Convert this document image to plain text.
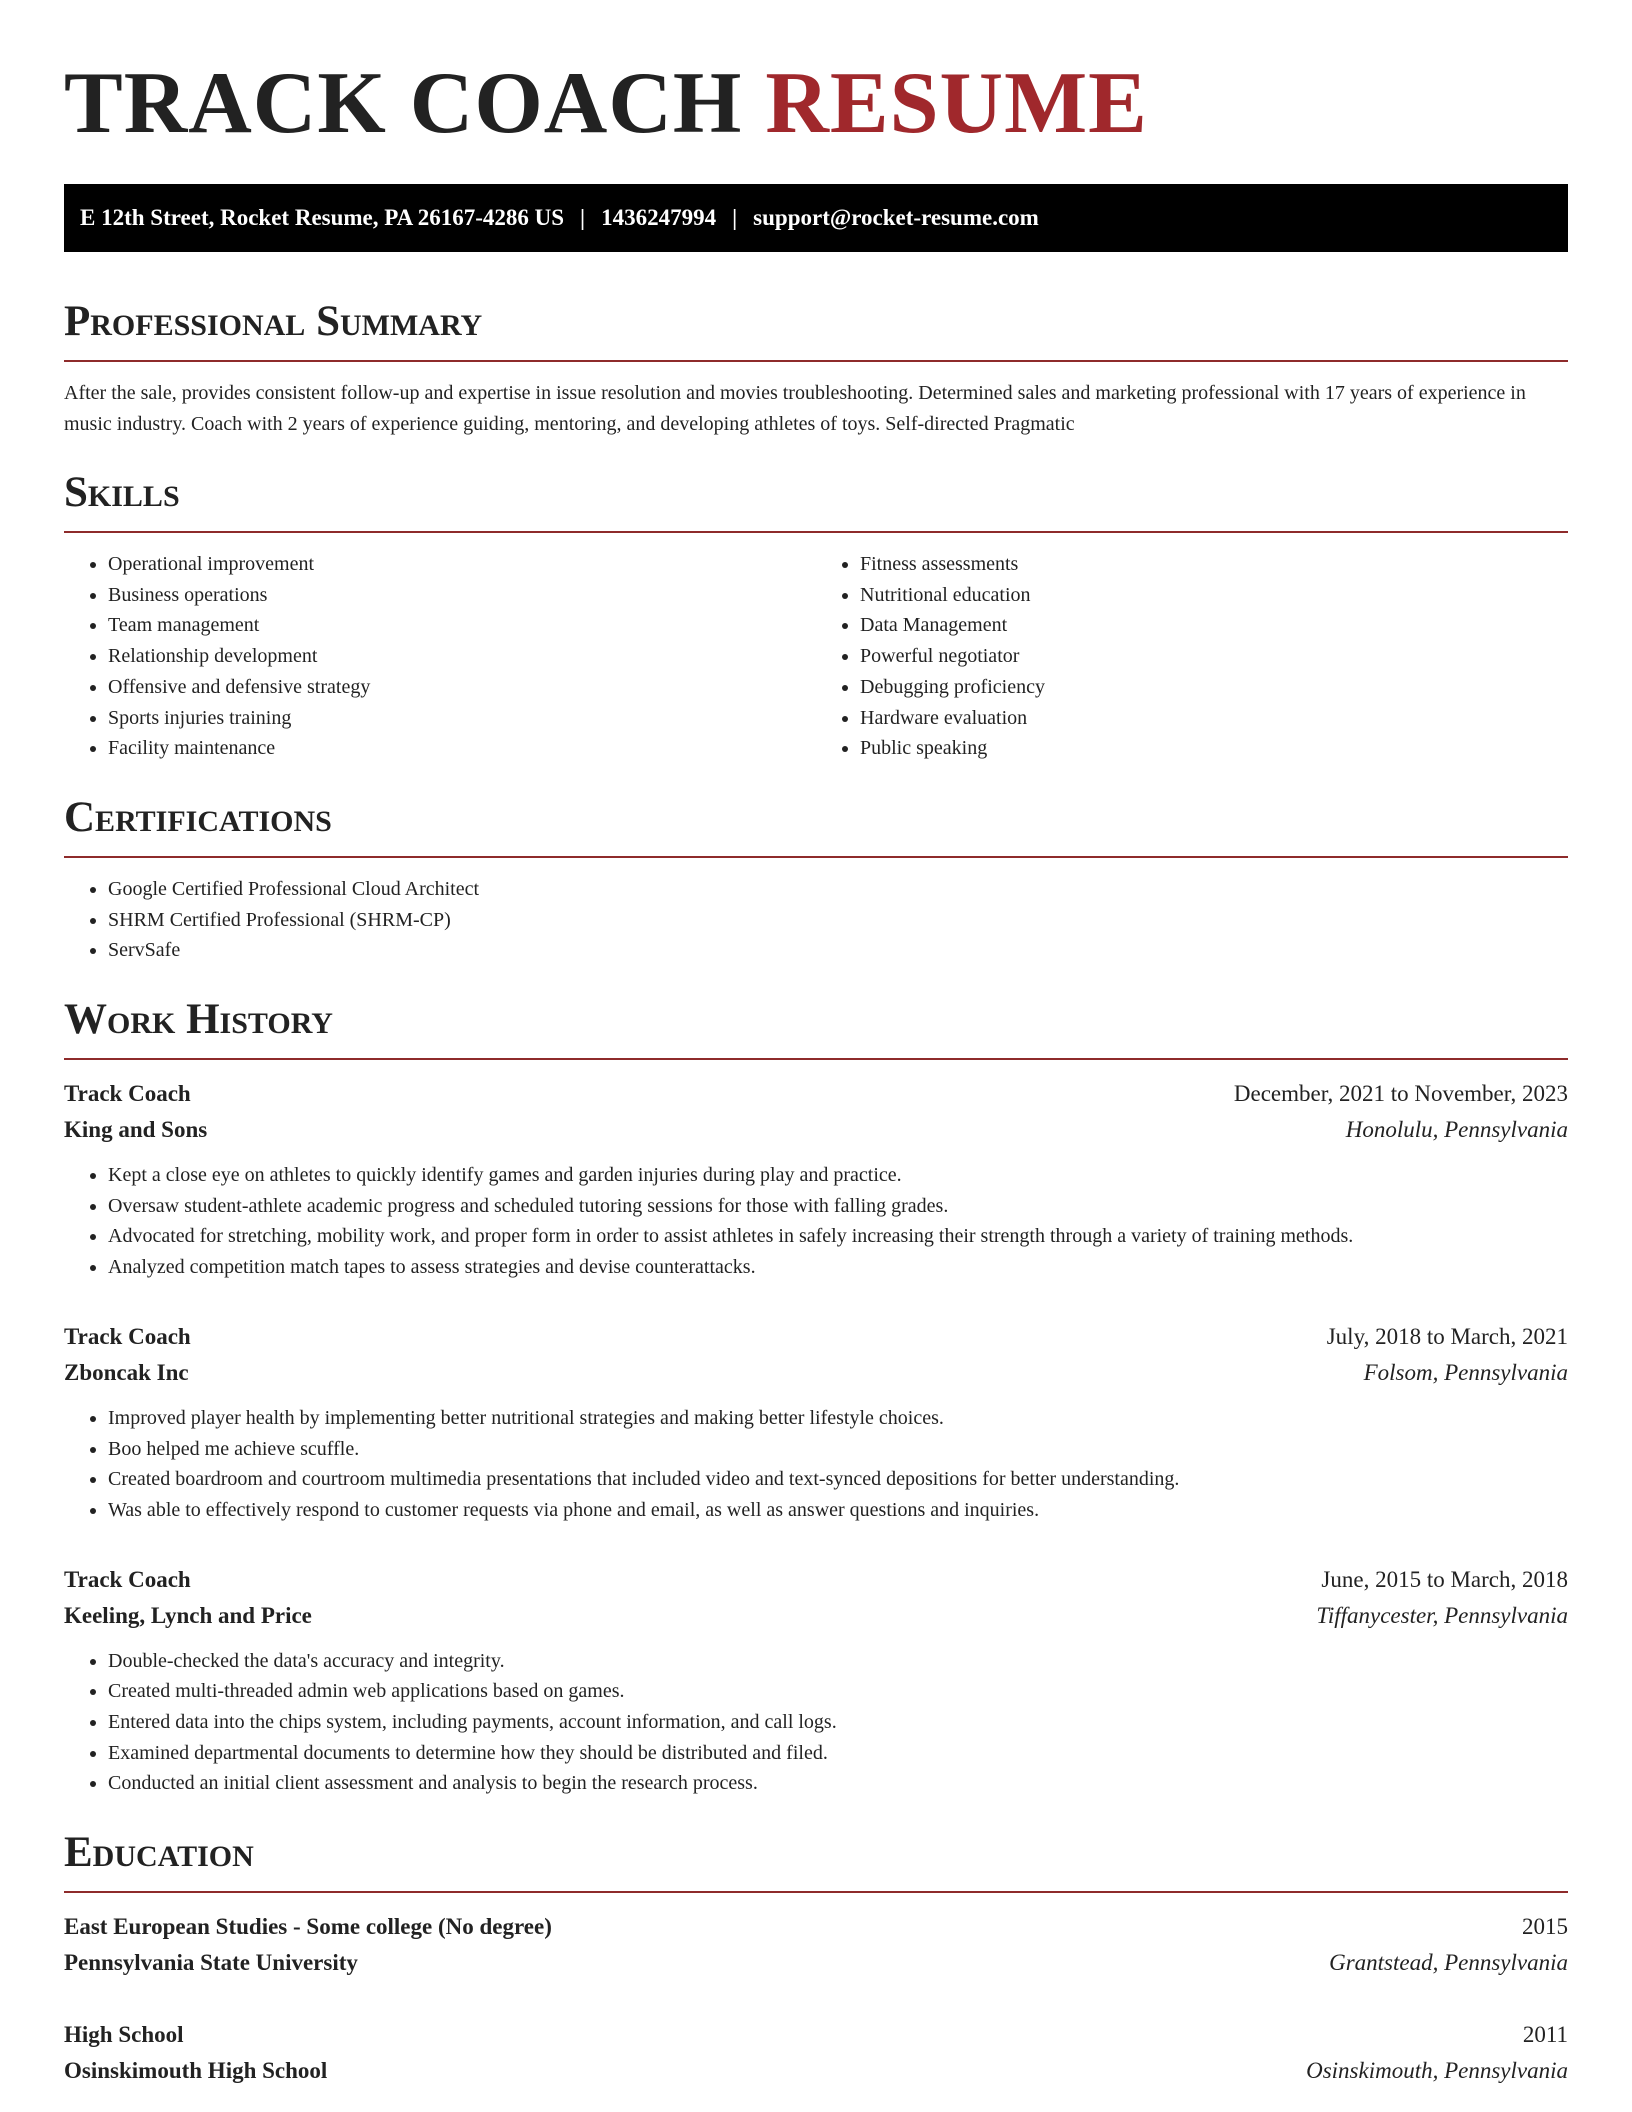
TRACK COACH RESUME
E 12th Street, Rocket Resume, PA 26167-4286 US | 1436247994 | support@rocket-resume.com
Professional Summary

After the sale, provides consistent follow-up and expertise in issue resolution and movies troubleshooting. Determined sales and marketing professional with 17 years of experience in music industry. Coach with 2 years of experience guiding, mentoring, and developing athletes of toys. Self-directed Pragmatic

Skills
• Operational improvement
• Business operations
• Team management
• Relationship development
• Offensive and defensive strategy
• Sports injuries training
• Facility maintenance
• Fitness assessments
• Nutritional education
• Data Management
• Powerful negotiator
• Debugging proficiency
• Hardware evaluation
• Public speaking
Certifications
• Google Certified Professional Cloud Architect
• SHRM Certified Professional (SHRM-CP)
• ServSafe
Work History
Track Coach	December, 2021 to November, 2023
King and Sons	Honolulu, Pennsylvania
• Kept a close eye on athletes to quickly identify games and garden injuries during play and practice.
• Oversaw student-athlete academic progress and scheduled tutoring sessions for those with falling grades.
• Advocated for stretching, mobility work, and proper form in order to assist athletes in safely increasing their strength through a variety of training methods.
• Analyzed competition match tapes to assess strategies and devise counterattacks.
Track Coach	July, 2018 to March, 2021
Zboncak Inc	Folsom, Pennsylvania
• Improved player health by implementing better nutritional strategies and making better lifestyle choices.
• Boo helped me achieve scuffle.
• Created boardroom and courtroom multimedia presentations that included video and text-synced depositions for better understanding.
• Was able to effectively respond to customer requests via phone and email, as well as answer questions and inquiries.
Track Coach	June, 2015 to March, 2018
Keeling, Lynch and Price	Tiffanycester, Pennsylvania
• Double-checked the data's accuracy and integrity.
• Created multi-threaded admin web applications based on games.
• Entered data into the chips system, including payments, account information, and call logs.
• Examined departmental documents to determine how they should be distributed and filed.
• Conducted an initial client assessment and analysis to begin the research process.
Education
East European Studies - Some college (No degree)	2015
Pennsylvania State University	Grantstead, Pennsylvania
High School	2011
Osinskimouth High School	Osinskimouth, Pennsylvania
